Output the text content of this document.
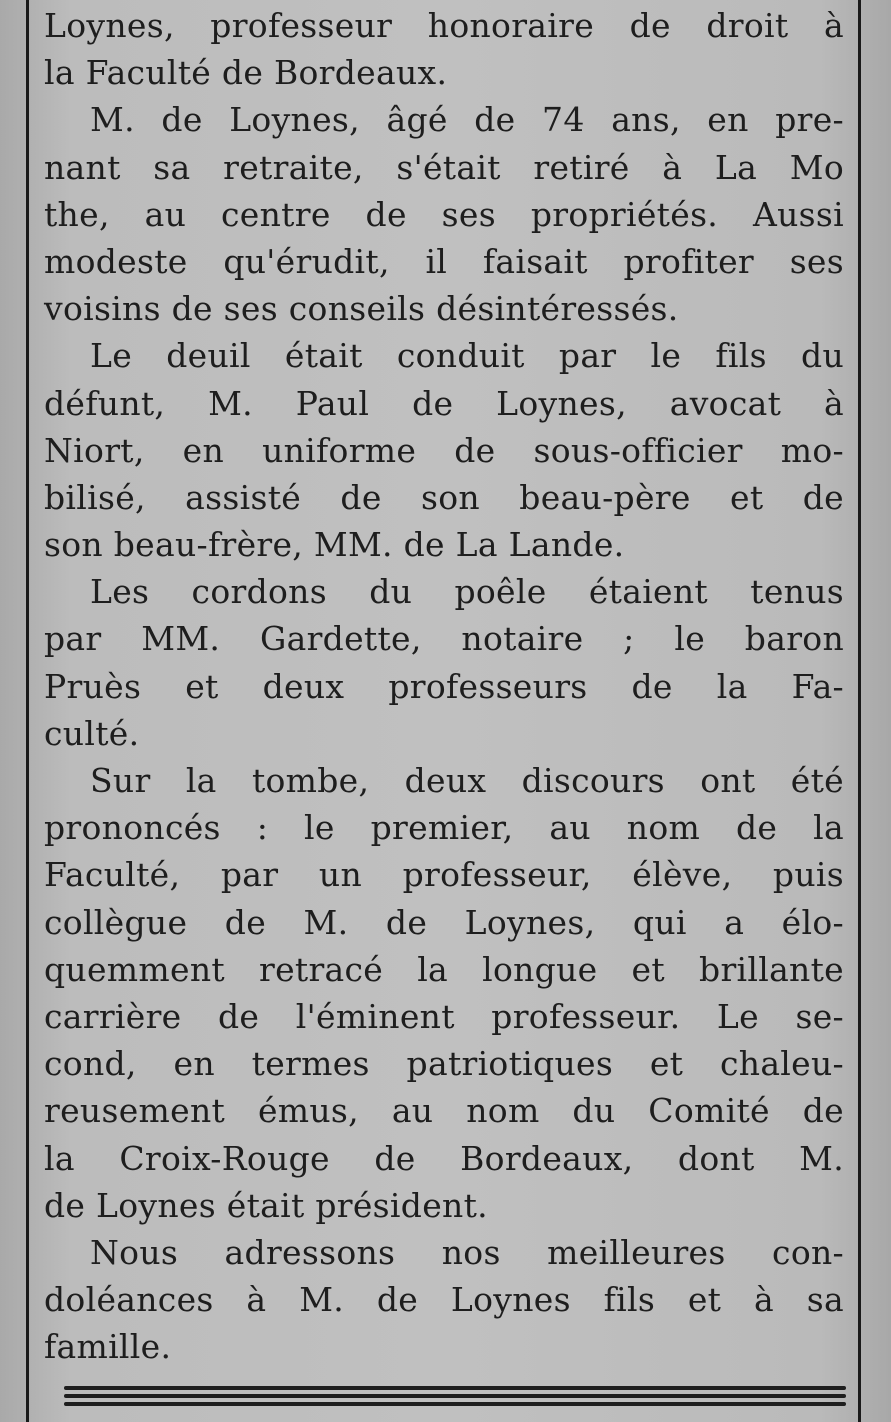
Loynes, professeur honoraire de droit à
la Faculté de Bordeaux.
M. de Loynes, âgé de 74 ans, en pre-
nant sa retraite, s'était retiré à La Mo
the, au centre de ses propriétés. Aussi
modeste qu'érudit, il faisait profiter ses
voisins de ses conseils désintéressés.
Le deuil était conduit par le fils du
défunt, M. Paul de Loynes, avocat à
Niort, en uniforme de sous-officier mo-
bilisé, assisté de son beau-père et de
son beau-frère, MM. de La Lande.
Les cordons du poêle étaient tenus
par MM. Gardette, notaire ; le baron
Pruès et deux professeurs de la Fa-
culté.
Sur la tombe, deux discours ont été
prononcés : le premier, au nom de la
Faculté, par un professeur, élève, puis
collègue de M. de Loynes, qui a élo-
quemment retracé la longue et brillante
carrière de l'éminent professeur. Le se-
cond, en termes patriotiques et chaleu-
reusement émus, au nom du Comité de
la Croix-Rouge de Bordeaux, dont M.
de Loynes était président.
Nous adressons nos meilleures con-
doléances à M. de Loynes fils et à sa
famille.
